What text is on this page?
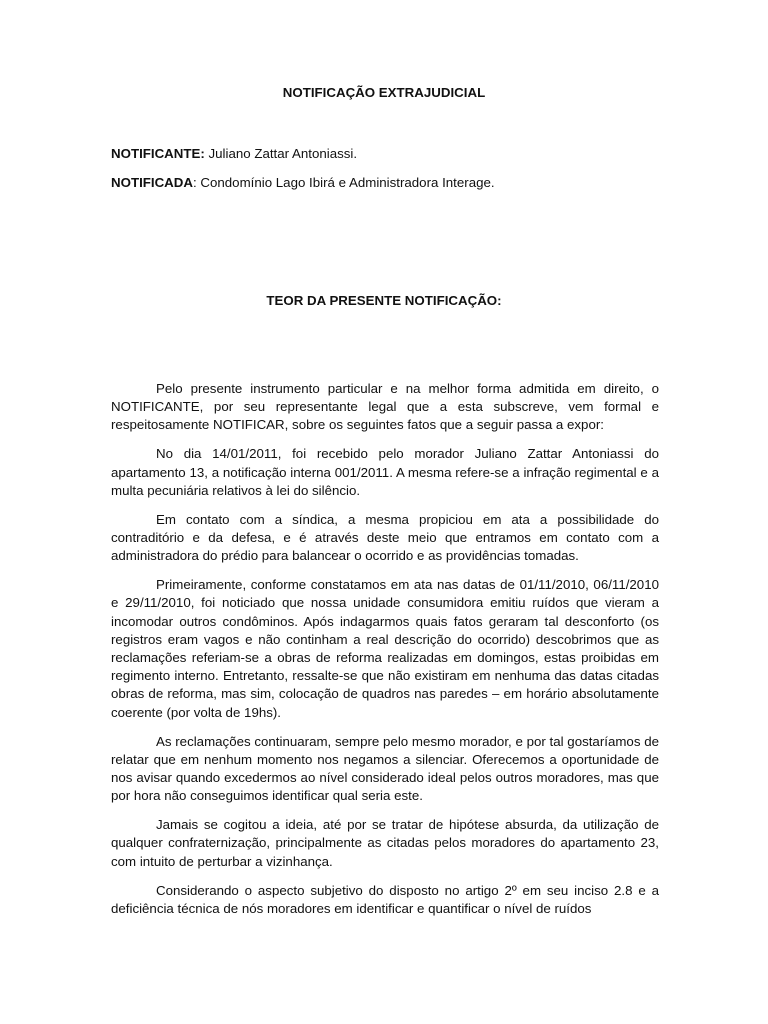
NOTIFICAÇÃO EXTRAJUDICIAL

NOTIFICANTE: Juliano Zattar Antoniassi.

NOTIFICADA: Condomínio Lago Ibirá e Administradora Interage.

TEOR DA PRESENTE NOTIFICAÇÃO:

Pelo presente instrumento particular e na melhor forma admitida em direito, o NOTIFICANTE, por seu representante legal que a esta subscreve, vem formal e respeitosamente NOTIFICAR, sobre os seguintes fatos que a seguir passa a expor:

No dia 14/01/2011, foi recebido pelo morador Juliano Zattar Antoniassi do apartamento 13, a notificação interna 001/2011. A mesma refere-se a infração regimental e a multa pecuniária relativos à lei do silêncio.

Em contato com a síndica, a mesma propiciou em ata a possibilidade do contraditório e da defesa, e é através deste meio que entramos em contato com a administradora do prédio para balancear o ocorrido e as providências tomadas.

Primeiramente, conforme constatamos em ata nas datas de 01/11/2010, 06/11/2010 e 29/11/2010, foi noticiado que nossa unidade consumidora emitiu ruídos que vieram a incomodar outros condôminos. Após indagarmos quais fatos geraram tal desconforto (os registros eram vagos e não continham a real descrição do ocorrido) descobrimos que as reclamações referiam-se a obras de reforma realizadas em domingos, estas proibidas em regimento interno. Entretanto, ressalte-se que não existiram em nenhuma das datas citadas obras de reforma, mas sim, colocação de quadros nas paredes – em horário absolutamente coerente (por volta de 19hs).

As reclamações continuaram, sempre pelo mesmo morador, e por tal gostaríamos de relatar que em nenhum momento nos negamos a silenciar. Oferecemos a oportunidade de nos avisar quando excedermos ao nível considerado ideal pelos outros moradores, mas que por hora não conseguimos identificar qual seria este.

Jamais se cogitou a ideia, até por se tratar de hipótese absurda, da utilização de qualquer confraternização, principalmente as citadas pelos moradores do apartamento 23, com intuito de perturbar a vizinhança.

Considerando o aspecto subjetivo do disposto no artigo 2º em seu inciso 2.8 e a deficiência técnica de nós moradores em identificar e quantificar o nível de ruídos
